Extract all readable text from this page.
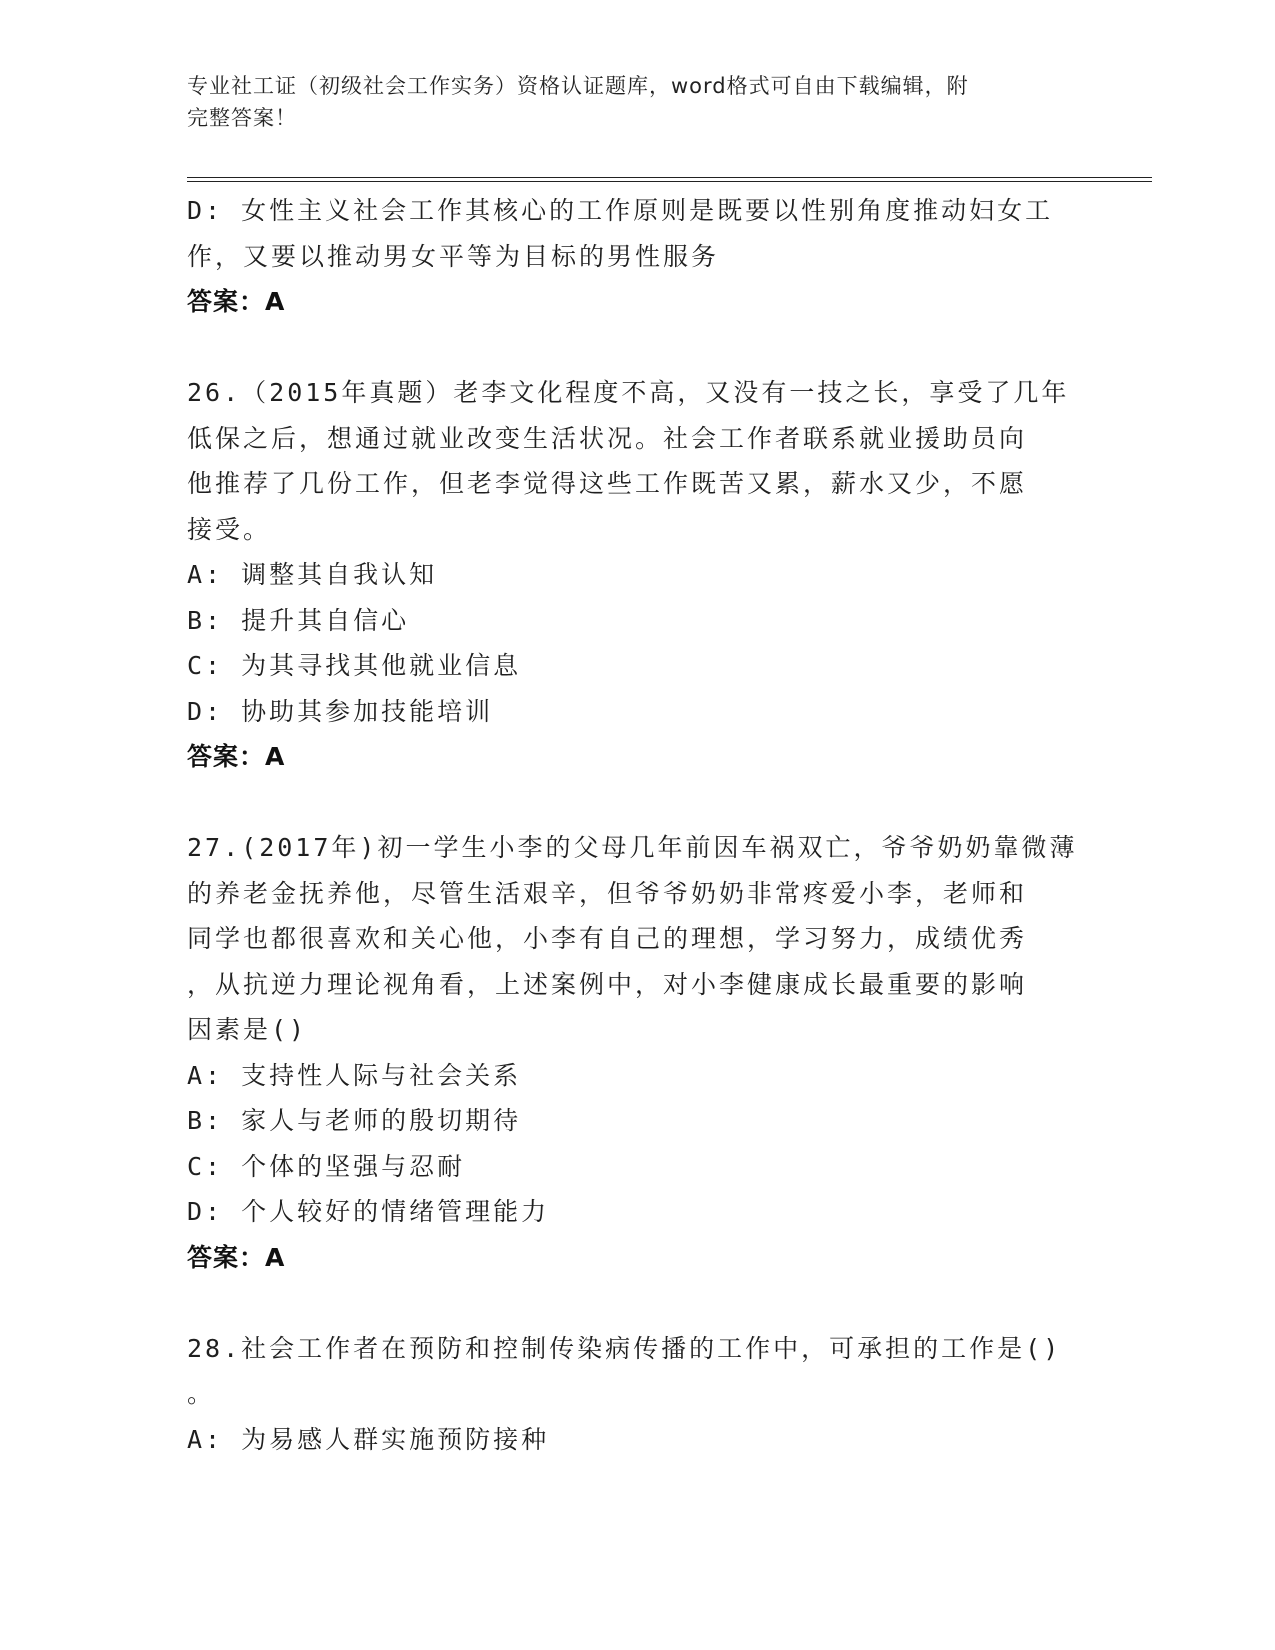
专业社工证（初级社会工作实务）资格认证题库，word格式可自由下载编辑，附
完整答案！
D: 女性主义社会工作其核心的工作原则是既要以性别角度推动妇女工
作，又要以推动男女平等为目标的男性服务
答案：A
26.（2015年真题）老李文化程度不高，又没有一技之长，享受了几年
低保之后，想通过就业改变生活状况。社会工作者联系就业援助员向
他推荐了几份工作，但老李觉得这些工作既苦又累，薪水又少，不愿
接受。
A: 调整其自我认知
B: 提升其自信心
C: 为其寻找其他就业信息
D: 协助其参加技能培训
答案：A
27.(2017年)初一学生小李的父母几年前因车祸双亡，爷爷奶奶靠微薄
的养老金抚养他，尽管生活艰辛，但爷爷奶奶非常疼爱小李，老师和
同学也都很喜欢和关心他，小李有自己的理想，学习努力，成绩优秀
，从抗逆力理论视角看，上述案例中，对小李健康成长最重要的影响
因素是()
A: 支持性人际与社会关系
B: 家人与老师的殷切期待
C: 个体的坚强与忍耐
D: 个人较好的情绪管理能力
答案：A
28.社会工作者在预防和控制传染病传播的工作中，可承担的工作是()
。
A: 为易感人群实施预防接种
